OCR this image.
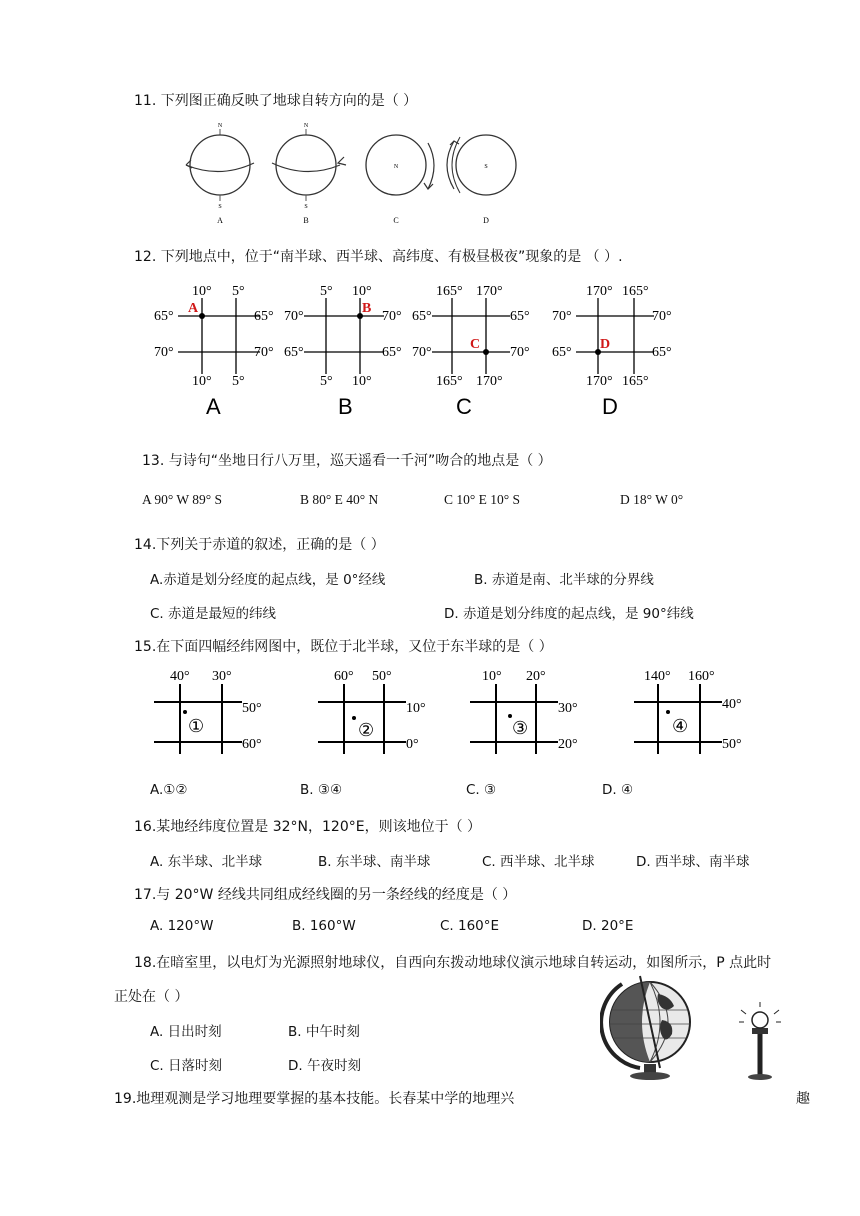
11. 下列图正确反映了地球自转方向的是（ ）
N
S
A
N
S
B
N
C
S
D
12. 下列地点中，位于“南半球、西半球、高纬度、有极昼极夜”现象的是 （ ）.
A
10° 5°
10° 5°
65°
70°
65°
70°
A
B
5° 10°
5° 10°
70°
65°
70°
65°
B
C
165° 170°
165° 170°
65°
70°
65°
70°
C
D
170° 165°
170° 165°
70°
65°
70°
65°
D
13. 与诗句“坐地日行八万里，巡天遥看一千河”吻合的地点是（ ）
A 90° W 89° S	B 80° E 40° N	C 10° E 10° S	D 18° W 0°
14.下列关于赤道的叙述，正确的是（ ）
A.赤道是划分经度的起点线，是 0°经线	B. 赤道是南、北半球的分界线
C. 赤道是最短的纬线	D. 赤道是划分纬度的起点线，是 90°纬线
15.在下面四幅经纬网图中，既位于北半球，又位于东半球的是（ ）
40° 30°
①
50°
60°
60° 50°
②
10°
0°
10° 20°
③
30°
20°
140° 160°
④
40°
50°
A.①②	B. ③④	C. ③	D. ④
16.某地经纬度位置是 32°N，120°E，则该地位于（ ）
A. 东半球、北半球	B. 东半球、南半球	C. 西半球、北半球	D. 西半球、南半球
17.与 20°W 经线共同组成经线圈的另一条经线的经度是（ ）
A. 120°W	B. 160°W	C. 160°E	D. 20°E
18.在暗室里，以电灯为光源照射地球仪，自西向东拨动地球仪演示地球自转运动，如图所示，P 点此时
正处在（ ）
A. 日出时刻	B. 中午时刻
C. 日落时刻	D. 午夜时刻
19.地理观测是学习地理要掌握的基本技能。长春某中学的地理兴	趣
